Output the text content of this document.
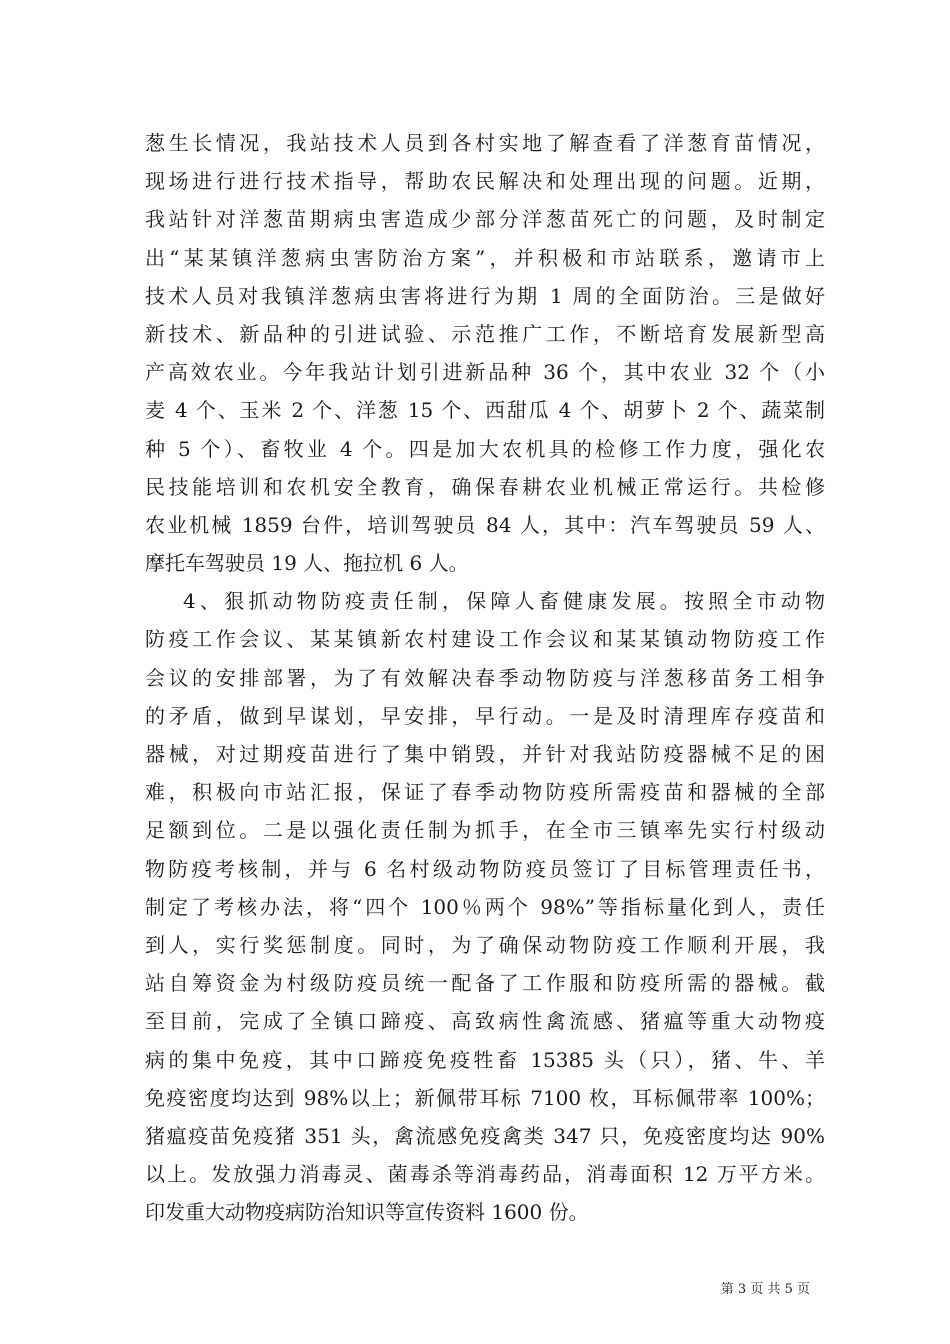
葱生长情况，我站技术人员到各村实地了解查看了洋葱育苗情况，
现场进行进行技术指导，帮助农民解决和处理出现的问题。近期，
我站针对洋葱苗期病虫害造成少部分洋葱苗死亡的问题，及时制定
出“某某镇洋葱病虫害防治方案”，并积极和市站联系，邀请市上
技术人员对我镇洋葱病虫害将进行为期 1 周的全面防治。三是做好
新技术、新品种的引进试验、示范推广工作，不断培育发展新型高
产高效农业。今年我站计划引进新品种 36 个，其中农业 32 个（小
麦 4 个、玉米 2 个、洋葱 15 个、西甜瓜 4 个、胡萝卜 2 个、蔬菜制
种 5 个）、畜牧业 4 个。四是加大农机具的检修工作力度，强化农
民技能培训和农机安全教育，确保春耕农业机械正常运行。共检修
农业机械 1859 台件，培训驾驶员 84 人，其中：汽车驾驶员 59 人、
摩托车驾驶员 19 人、拖拉机 6 人。
4、狠抓动物防疫责任制，保障人畜健康发展。按照全市动物
防疫工作会议、某某镇新农村建设工作会议和某某镇动物防疫工作
会议的安排部署，为了有效解决春季动物防疫与洋葱移苗务工相争
的矛盾，做到早谋划，早安排，早行动。一是及时清理库存疫苗和
器械，对过期疫苗进行了集中销毁，并针对我站防疫器械不足的困
难，积极向市站汇报，保证了春季动物防疫所需疫苗和器械的全部
足额到位。二是以强化责任制为抓手，在全市三镇率先实行村级动
物防疫考核制，并与 6 名村级动物防疫员签订了目标管理责任书，
制定了考核办法，将“四个 100％两个 98%”等指标量化到人，责任
到人，实行奖惩制度。同时，为了确保动物防疫工作顺利开展，我
站自筹资金为村级防疫员统一配备了工作服和防疫所需的器械。截
至目前，完成了全镇口蹄疫、高致病性禽流感、猪瘟等重大动物疫
病的集中免疫，其中口蹄疫免疫牲畜 15385 头（只），猪、牛、羊
免疫密度均达到 98%以上；新佩带耳标 7100 枚，耳标佩带率 100%；
猪瘟疫苗免疫猪 351 头，禽流感免疫禽类 347 只，免疫密度均达 90%
以上。发放强力消毒灵、菌毒杀等消毒药品，消毒面积 12 万平方米。
印发重大动物疫病防治知识等宣传资料 1600 份。
第 3 页 共 5 页
